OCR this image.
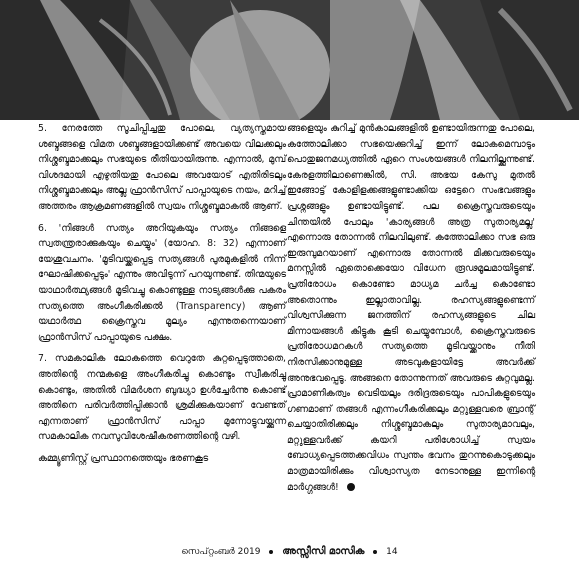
5. നേരത്തേ സൂചിപ്പിച്ചതു പോലെ, വ്യത്യസ്തമായ ശബ്ദങ്ങളെ വിമത ശബ്ദങ്ങളായിക്കണ്ട് അവയെ വിലക്കലും നിശ്ശബ്ദമാക്കലും സഭയുടെ രീതിയായിരുന്നു. എന്നാൽ, മുമ്പ് വിശദമായി എഴുതിയതു പോലെ അവയോട് എതിരിടലും നിശ്ശബ്ദമാക്കലും അല്ല ഫ്രാൻസിസ് പാപ്പായുടെ നയം, മറിച്ച് അത്തരം ആക്രമണങ്ങളിൽ സ്വയം നിശ്ശബ്ദമാകൽ ആണ്.

6. 'നിങ്ങൾ സത്യം അറിയുകയും സത്യം നിങ്ങളെ സ്വതന്ത്രരാക്കുകയും ചെയ്യും' (യോഹ. 8: 32) എന്നാണ് യേശുവചനം. 'മൂടിവയ്ക്കപ്പെട്ട സത്യങ്ങൾ പുരമുകളിൽ നിന്ന് ഘോഷിക്കപ്പെടും' എന്നും അവിടുന്ന് പറയുന്നുണ്ട്. തിന്മയുടെ യാഥാർത്ഥ്യങ്ങൾ മൂടിവച്ചു കൊണ്ടുള്ള നാട്യങ്ങൾക്കു പകരം സത്യത്തെ അംഗീകരിക്കൽ (Transparency) ആണ് യഥാർത്ഥ ക്രൈസ്തവ മൂല്യം എന്നുതന്നെയാണ് ഫ്രാൻസിസ് പാപ്പായുടെ പക്ഷം.

7. സമകാലിക ലോകത്തെ വെറുതേ കുറ്റപ്പെടുത്താതെ, അതിന്റെ നന്മകളെ അംഗീകരിച്ചു കൊണ്ടും സ്വീകരിച്ചു കൊണ്ടും, അതിൽ വിമർശന ബുദ്ധ്യാ ഉൾച്ചേർന്നു കൊണ്ട് അതിനെ പരിവർത്തിപ്പിക്കാൻ ശ്രമിക്കുകയാണ് വേണ്ടത് എന്നതാണ് ഫ്രാൻസിസ് പാപ്പാ മുന്നോട്ടുവയ്ക്കുന്ന സമകാലിക നവസുവിശേഷീകരണത്തിന്റെ വഴി.

കമ്മ്യൂണിസ്റ്റ് പ്രസ്ഥാനത്തെയും ഭരണകൂട

ങ്ങളെയും കുറിച്ച് മുൻകാലങ്ങളിൽ ഉണ്ടായിരുന്നതു പോലെ, കത്തോലിക്കാ സഭയെക്കുറിച്ച് ഇന്ന് ലോകമെമ്പാടും പൊതുജനമധ്യത്തിൽ ഏറെ സംശയങ്ങൾ നിലനില്ക്കുന്നുണ്ട്. കേരളത്തിലാണെങ്കിൽ, സി. അഭയ കേസു മുതൽ ഇങ്ങോട്ട് കോളിളക്കങ്ങളുണ്ടാക്കിയ ഒട്ടേറെ സംഭവങ്ങളും പ്രശ്നങ്ങളും ഉണ്ടായിട്ടുണ്ട്. പല ക്രൈസ്തവരുടെയും ചിന്തയിൽ പോലും 'കാര്യങ്ങൾ അത്ര സുതാര്യമല്ല' എന്നൊരു തോന്നൽ നിലവിലുണ്ട്. കത്തോലിക്കാ സഭ ഒരു ഇരുമ്പുമറയാണ് എന്നൊരു തോന്നൽ മിക്കവരുടെയും മനസ്സിൽ ഏതൊക്കെയോ വിധേന രൂഢമൂലമായിട്ടുണ്ട്. പ്രതിരോധം കൊണ്ടോ മാധ്യമ ചർച്ച കൊണ്ടോ അതൊന്നും ഇല്ലാതാവില്ല. രഹസ്യങ്ങളുണ്ടെന്ന് വിശ്വസിക്കുന്ന ജനത്തിന് രഹസ്യങ്ങളുടെ ചില മിന്നായങ്ങൾ കിട്ടുക കൂടി ചെയ്യുമ്പോൾ, ക്രൈസ്തവരുടെ പ്രതിരോധമറകൾ സത്യത്തെ മൂടിവയ്ക്കാനും നീതി നിരസിക്കാനുമുള്ള അടവുകളായിട്ടേ അവർക്ക് അനുഭവപ്പെടൂ. അങ്ങനെ തോന്നുന്നത് അവരുടെ കുറ്റവുമല്ല. പ്രാമാണികത്വം വെടിയലും ദരിദ്രരുടെയും പാപികളുടെയും ഗണമാണ് തങ്ങൾ എന്നംഗീകരിക്കലും മറ്റുള്ളവരെ ബ്രാന്റ് ചെയ്യാതിരിക്കലും നിശ്ശബ്ദമാകലും സുതാര്യമാവലും, മറ്റുള്ളവർക്ക് കയറി പരിശോധിച്ച് സ്വയം ബോധ്യപ്പെടത്തക്കവിധം സ്വന്തം ഭവനം തുറന്നുകൊടുക്കലും മാത്രമായിരിക്കും വിശ്വാസ്യത നേടാനുള്ള ഇന്നിന്റെ മാർഗ്ഗങ്ങൾ!

സെപ്റ്റംബർ 2019 അസ്സീസി മാസിക 14
